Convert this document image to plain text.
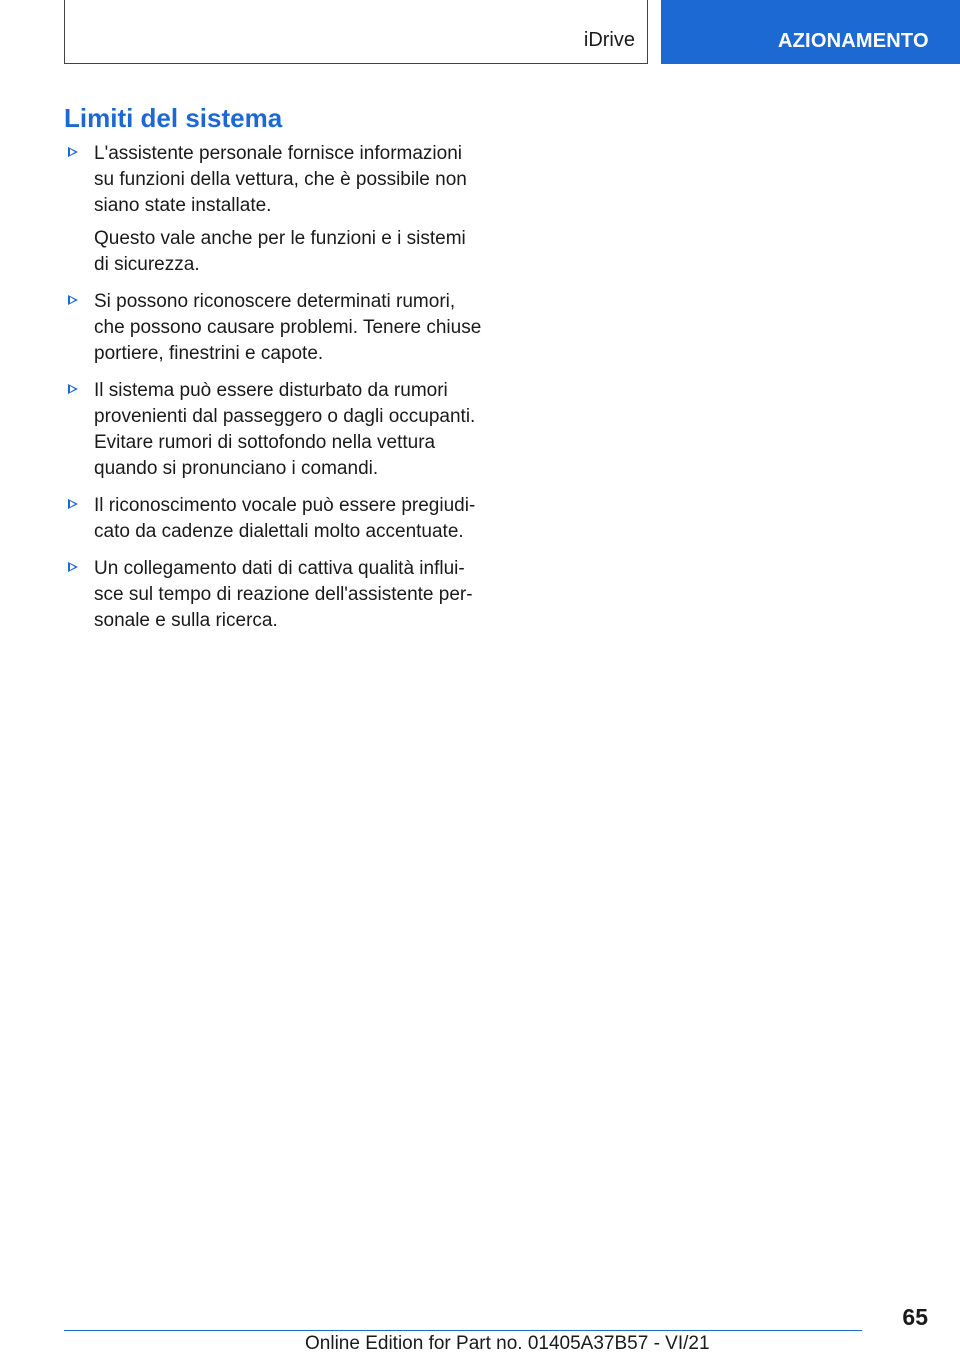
iDrive	AZIONAMENTO
Limiti del sistema

L'assistente personale fornisce informazioni su funzioni della vettura, che è possibile non siano state installate.

Questo vale anche per le funzioni e i sistemi di sicurezza.

Si possono riconoscere determinati rumori, che possono causare problemi. Tenere chiuse portiere, finestrini e capote.

Il sistema può essere disturbato da rumori provenienti dal passeggero o dagli occupanti. Evitare rumori di sottofondo nella vettura quando si pronunciano i comandi.

Il riconoscimento vocale può essere pregiudicato da cadenze dialettali molto accentuate.

Un collegamento dati di cattiva qualità influisce sul tempo di reazione dell'assistente personale e sulla ricerca.

65
Online Edition for Part no. 01405A37B57 - VI/21
